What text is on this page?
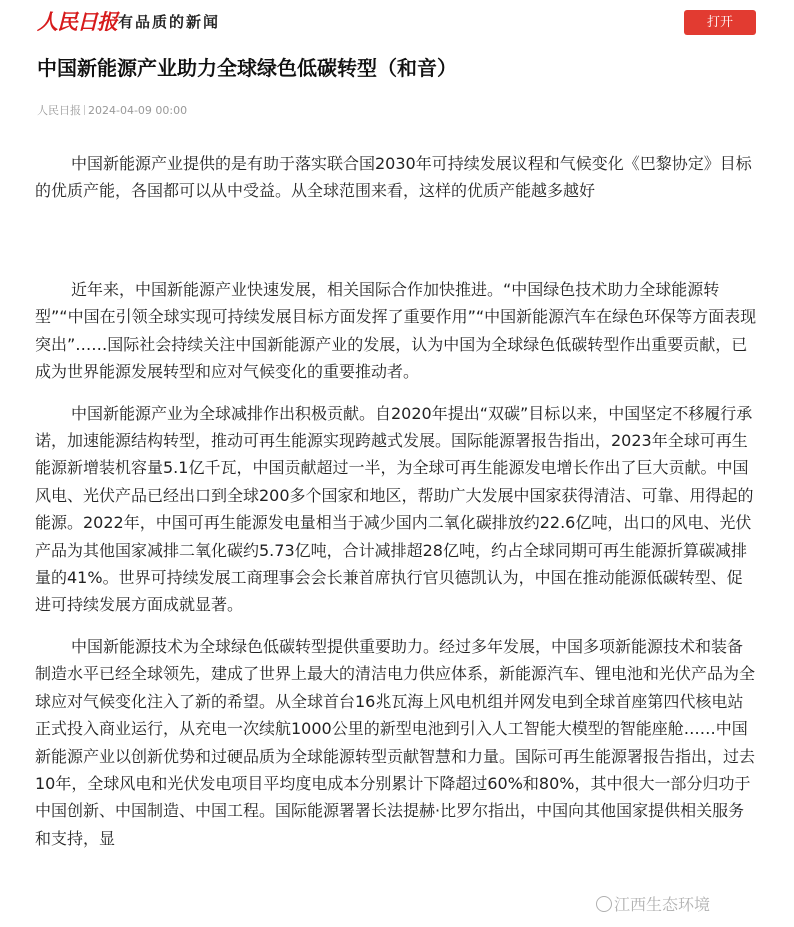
人民日报 有品质的新闻	打开
中国新能源产业助力全球绿色低碳转型（和音）
人民日报 2024-04-09 00:00

中国新能源产业提供的是有助于落实联合国2030年可持续发展议程和气候变化《巴黎协定》目标的优质产能，各国都可以从中受益。从全球范围来看，这样的优质产能越多越好

近年来，中国新能源产业快速发展，相关国际合作加快推进。“中国绿色技术助力全球能源转型”“中国在引领全球实现可持续发展目标方面发挥了重要作用”“中国新能源汽车在绿色环保等方面表现突出”……国际社会持续关注中国新能源产业的发展，认为中国为全球绿色低碳转型作出重要贡献，已成为世界能源发展转型和应对气候变化的重要推动者。

中国新能源产业为全球减排作出积极贡献。自2020年提出“双碳”目标以来，中国坚定不移履行承诺，加速能源结构转型，推动可再生能源实现跨越式发展。国际能源署报告指出，2023年全球可再生能源新增装机容量5.1亿千瓦，中国贡献超过一半，为全球可再生能源发电增长作出了巨大贡献。中国风电、光伏产品已经出口到全球200多个国家和地区，帮助广大发展中国家获得清洁、可靠、用得起的能源。2022年，中国可再生能源发电量相当于减少国内二氧化碳排放约22.6亿吨，出口的风电、光伏产品为其他国家减排二氧化碳约5.73亿吨，合计减排超28亿吨，约占全球同期可再生能源折算碳减排量的41%。世界可持续发展工商理事会会长兼首席执行官贝德凯认为，中国在推动能源低碳转型、促进可持续发展方面成就显著。

中国新能源技术为全球绿色低碳转型提供重要助力。经过多年发展，中国多项新能源技术和装备制造水平已经全球领先，建成了世界上最大的清洁电力供应体系，新能源汽车、锂电池和光伏产品为全球应对气候变化注入了新的希望。从全球首台16兆瓦海上风电机组并网发电到全球首座第四代核电站正式投入商业运行，从充电一次续航1000公里的新型电池到引入人工智能大模型的智能座舱……中国新能源产业以创新优势和过硬品质为全球能源转型贡献智慧和力量。国际可再生能源署报告指出，过去10年，全球风电和光伏发电项目平均度电成本分别累计下降超过60%和80%，其中很大一部分归功于中国创新、中国制造、中国工程。国际能源署署长法提赫·比罗尔指出，中国向其他国家提供相关服务和支持，显

江西生态环境
